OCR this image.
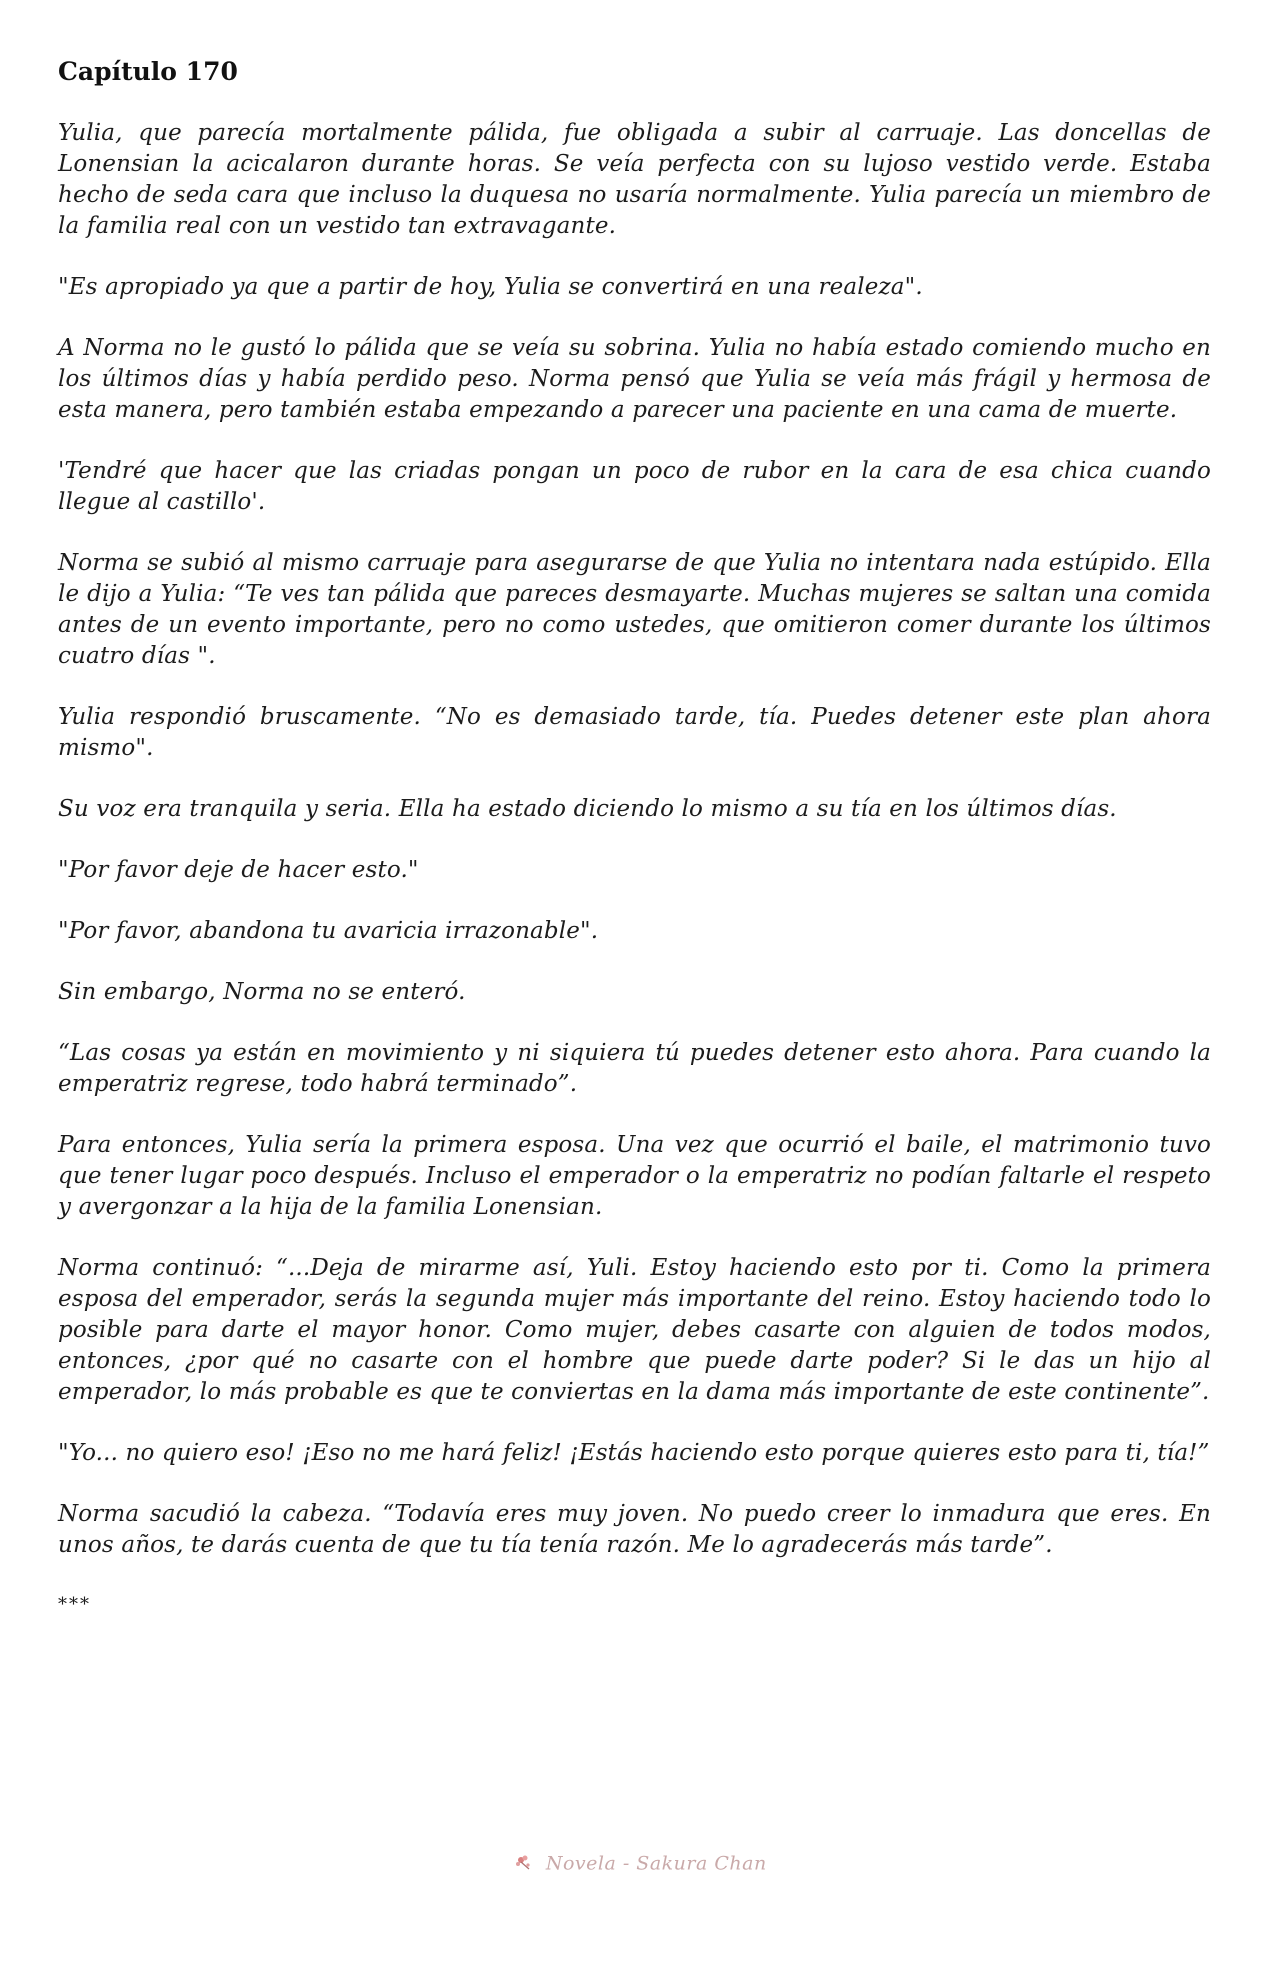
Capítulo 170

Yulia, que parecía mortalmente pálida, fue obligada a subir al carruaje. Las doncellas de Lonensian la acicalaron durante horas. Se veía perfecta con su lujoso vestido verde. Estaba hecho de seda cara que incluso la duquesa no usaría normalmente. Yulia parecía un miembro de la familia real con un vestido tan extravagante.

"Es apropiado ya que a partir de hoy, Yulia se convertirá en una realeza".

A Norma no le gustó lo pálida que se veía su sobrina. Yulia no había estado comiendo mucho en los últimos días y había perdido peso. Norma pensó que Yulia se veía más frágil y hermosa de esta manera, pero también estaba empezando a parecer una paciente en una cama de muerte.

'Tendré que hacer que las criadas pongan un poco de rubor en la cara de esa chica cuando llegue al castillo'.

Norma se subió al mismo carruaje para asegurarse de que Yulia no intentara nada estúpido. Ella le dijo a Yulia: “Te ves tan pálida que pareces desmayarte. Muchas mujeres se saltan una comida antes de un evento importante, pero no como ustedes, que omitieron comer durante los últimos cuatro días ".

Yulia respondió bruscamente. “No es demasiado tarde, tía. Puedes detener este plan ahora mismo".

Su voz era tranquila y seria. Ella ha estado diciendo lo mismo a su tía en los últimos días.

"Por favor deje de hacer esto."

"Por favor, abandona tu avaricia irrazonable".

Sin embargo, Norma no se enteró.

“Las cosas ya están en movimiento y ni siquiera tú puedes detener esto ahora. Para cuando la emperatriz regrese, todo habrá terminado”.

Para entonces, Yulia sería la primera esposa. Una vez que ocurrió el baile, el matrimonio tuvo que tener lugar poco después. Incluso el emperador o la emperatriz no podían faltarle el respeto y avergonzar a la hija de la familia Lonensian.

Norma continuó: “...Deja de mirarme así, Yuli. Estoy haciendo esto por ti. Como la primera esposa del emperador, serás la segunda mujer más importante del reino. Estoy haciendo todo lo posible para darte el mayor honor. Como mujer, debes casarte con alguien de todos modos, entonces, ¿por qué no casarte con el hombre que puede darte poder? Si le das un hijo al emperador, lo más probable es que te conviertas en la dama más importante de este continente”.

"Yo... no quiero eso! ¡Eso no me hará feliz! ¡Estás haciendo esto porque quieres esto para ti, tía!”

Norma sacudió la cabeza. “Todavía eres muy joven. No puedo creer lo inmadura que eres. En unos años, te darás cuenta de que tu tía tenía razón. Me lo agradecerás más tarde”.

***

Novela - Sakura Chan
